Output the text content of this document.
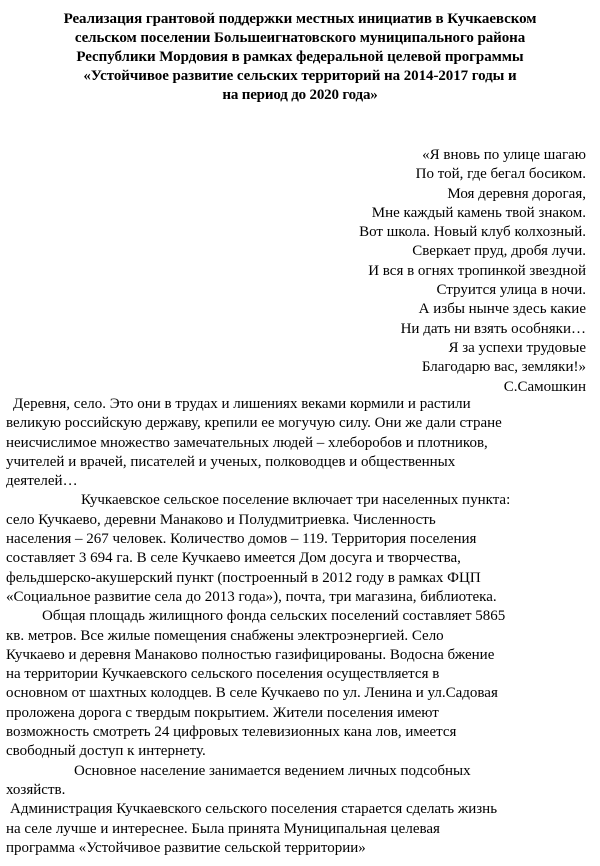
Реализация грантовой поддержки местных инициатив в Кучкаевском
сельском поселении Большеигнатовского муниципального района
Республики Мордовия в рамках федеральной целевой программы
«Устойчивое развитие сельских территорий на 2014-2017 годы и
на период до 2020 года»
«Я вновь по улице шагаю
По той, где бегал босиком.
Моя деревня дорогая,
Мне каждый камень твой знаком.
Вот школа. Новый клуб колхозный.
Сверкает пруд, дробя лучи.
И вся в огнях тропинкой звездной
Струится улица в ночи.
А избы нынче здесь какие
Ни дать ни взять особняки…
Я за успехи трудовые
Благодарю вас, земляки!»
С.Самошкин
Деревня, село. Это они в трудах и лишениях веками кормили и растили
великую российскую державу, крепили ее могучую силу. Они же дали стране
неисчислимое множество замечательных людей – хлеборобов и плотников,
учителей и врачей, писателей и ученых, полководцев и общественных
деятелей…
Кучкаевское сельское поселение включает три населенных пункта:
село Кучкаево, деревни Манаково и Полудмитриевка. Численность
населения – 267 человек. Количество домов – 119. Территория поселения
составляет 3 694 га. В селе Кучкаево имеется Дом досуга и творчества,
фельдшерско-акушерский пункт (построенный в 2012 году в рамках ФЦП
«Социальное развитие села до 2013 года»), почта, три магазина, библиотека.
Общая площадь жилищного фонда сельских поселений составляет 5865
кв. метров. Все жилые помещения снабжены электроэнергией. Село
Кучкаево и деревня Манаково полностью газифицированы. Водосна бжение
на территории Кучкаевского сельского поселения осуществляется в
основном от шахтных колодцев. В селе Кучкаево по ул. Ленина и ул.Садовая
проложена дорога с твердым покрытием. Жители поселения имеют
возможность смотреть 24 цифровых телевизионных кана лов, имеется
свободный доступ к интернету.
Основное население занимается ведением личных подсобных
хозяйств.
Администрация Кучкаевского сельского поселения старается сделать жизнь
на селе лучше и интереснее. Была принята Муниципальная целевая
программа «Устойчивое развитие сельской территории»
